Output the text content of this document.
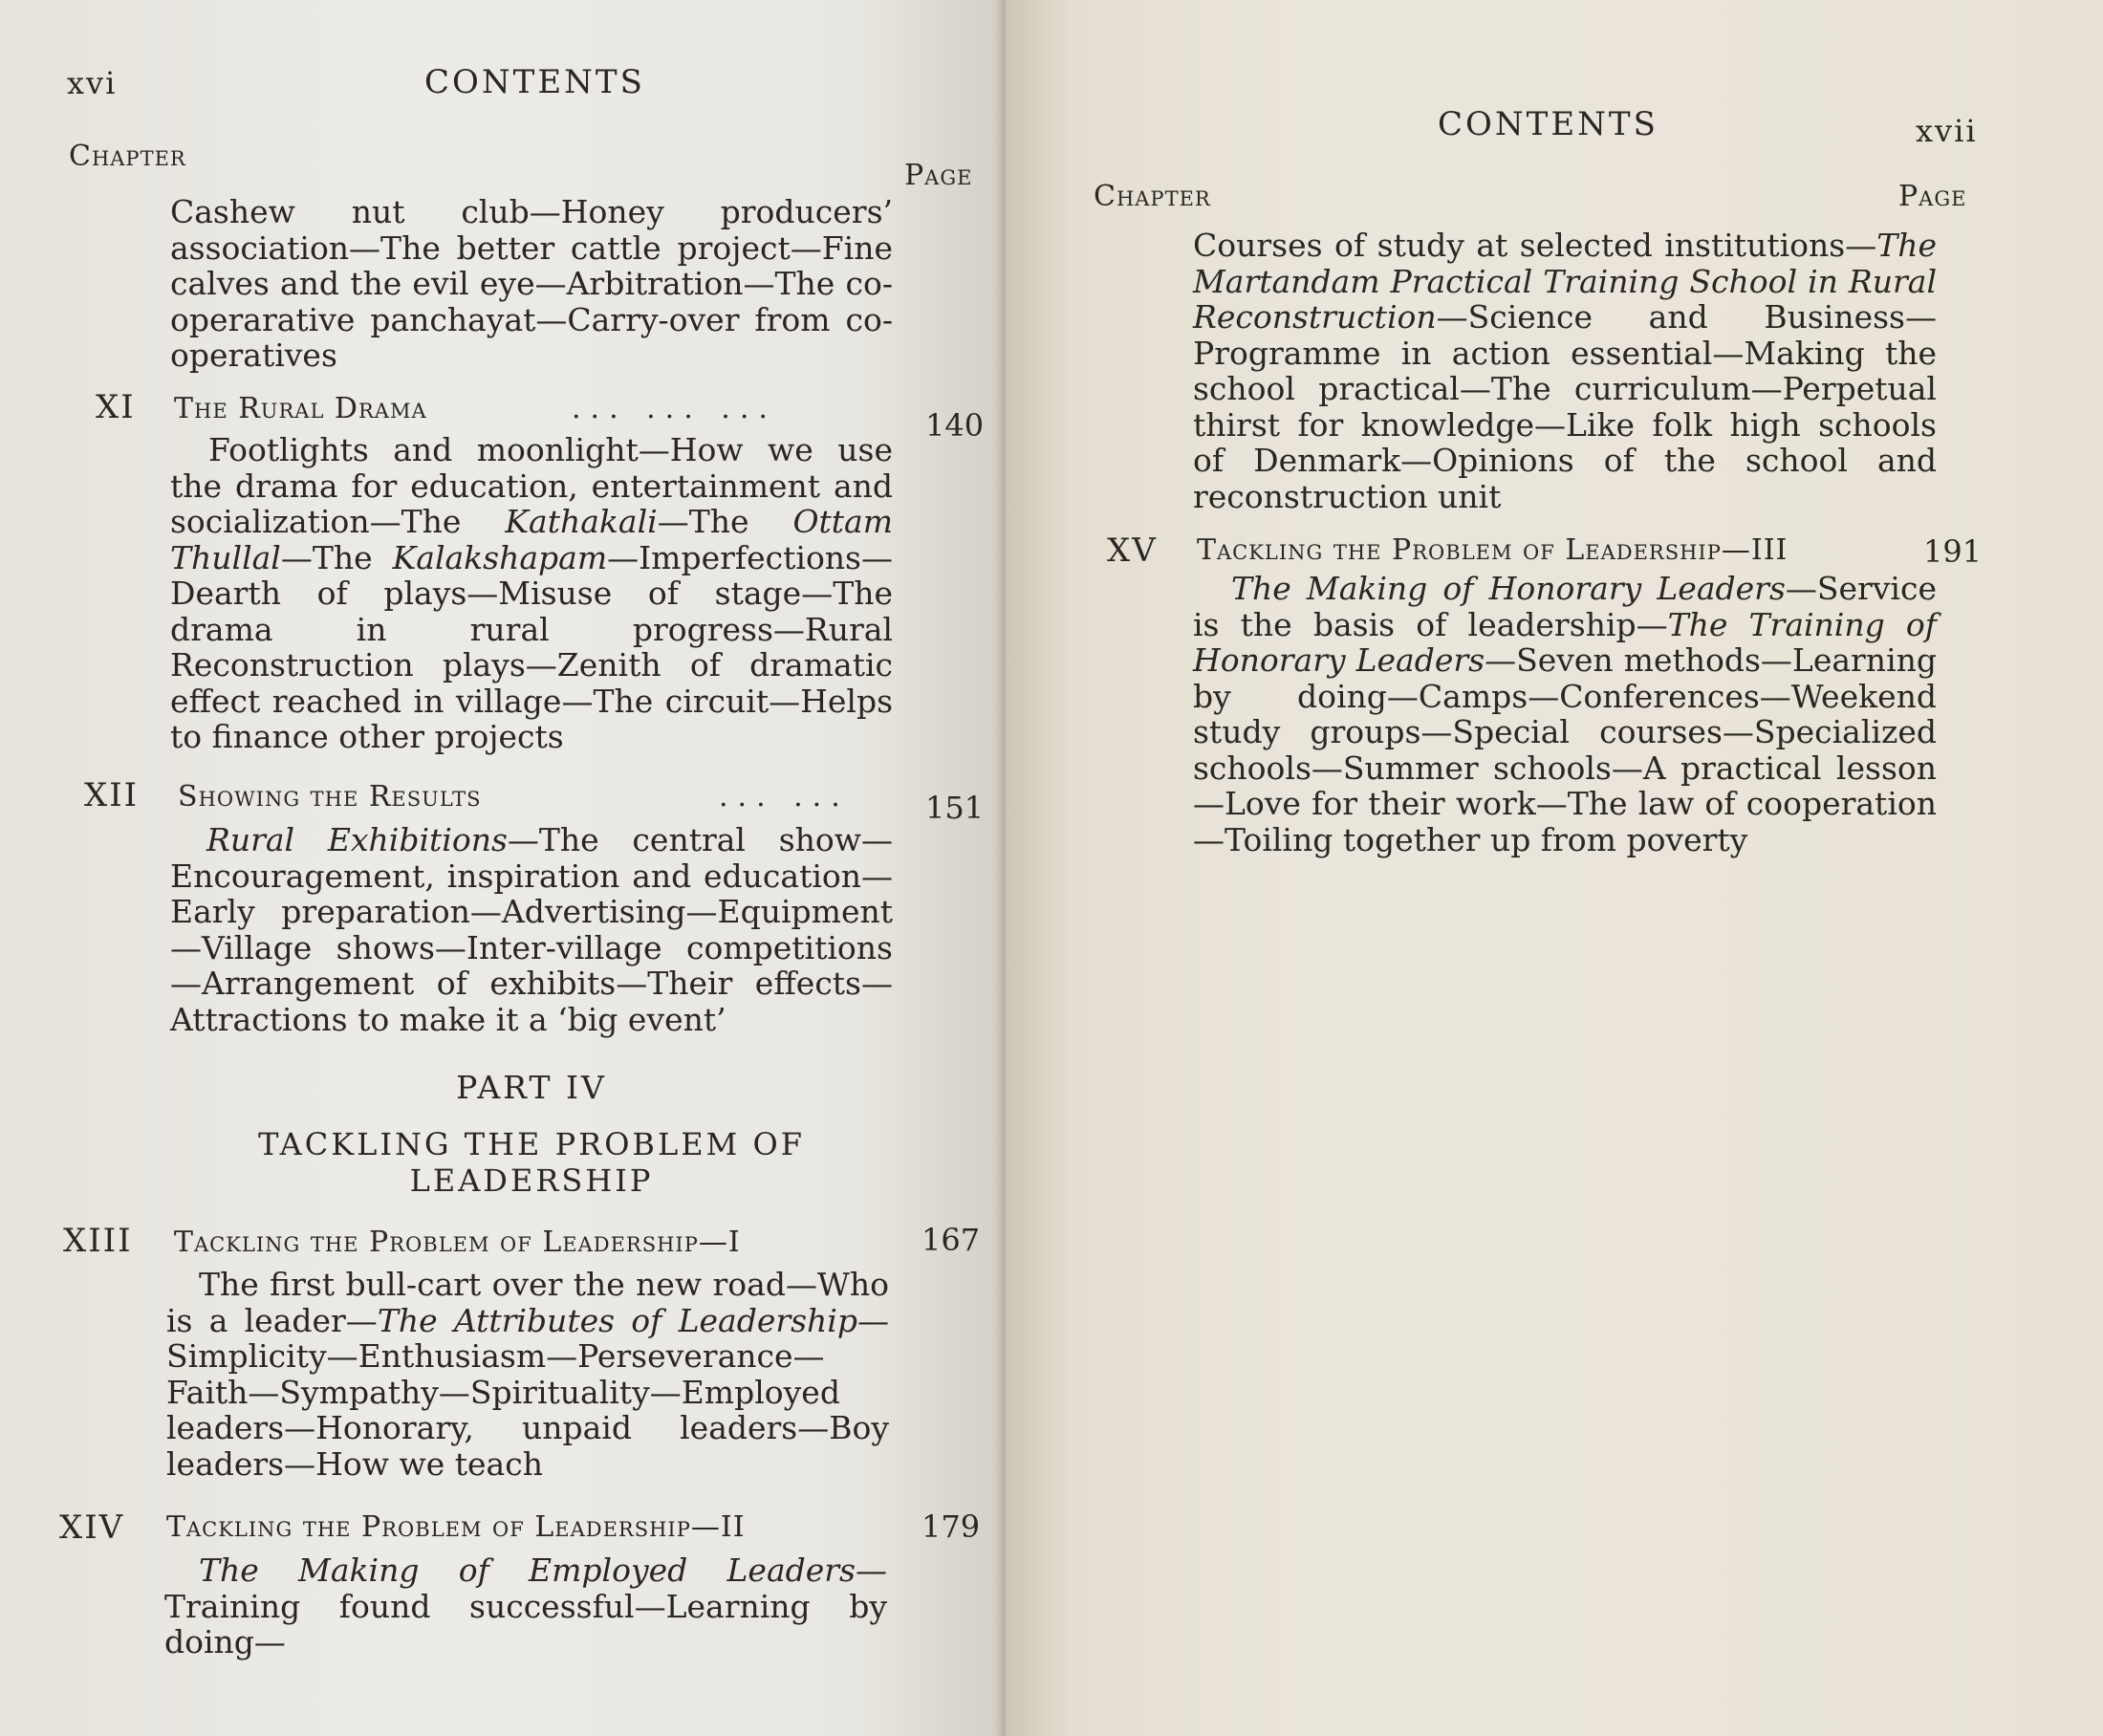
xvi	CONTENTS
Chapter
Page
Cashew nut club—Honey producers’ association—The better cattle project—Fine calves and the evil eye—Arbitration—The co-operarative panchayat—Carry-over from co-operatives
XI The Rural Drama	... ... ...	140
Footlights and moonlight—How we use the drama for education, entertainment and socialization—The Kathakali—The Ottam Thullal—The Kalakshapam—Imperfections—Dearth of plays—Misuse of stage—The drama in rural progress—Rural Reconstruction plays—Zenith of dramatic effect reached in village—The circuit—Helps to finance other projects
XII Showing the Results	... ... 151
Rural Exhibitions—The central show—Encouragement, inspiration and education—Early preparation—Advertising—Equipment—Village shows—Inter-village competitions—Arrangement of exhibits—Their effects—Attractions to make it a ‘big event’
PART IV
TACKLING THE PROBLEM OF
LEADERSHIP
XIII Tackling the Problem of Leadership—I	167
The first bull-cart over the new road—Who is a leader—The Attributes of Leadership—Simplicity—Enthusiasm—Perseverance—Faith—Sympathy—Spirituality—Employed leaders—Honorary, unpaid leaders—Boy leaders—How we teach
XIV Tackling the Problem of Leadership—II	179
The Making of Employed Leaders—Training found successful—Learning by doing—
CONTENTS	xvii
Chapter	Page
Courses of study at selected institutions—The Martandam Practical Training School in Rural Reconstruction—Science and Business—Programme in action essential—Making the school practical—The curriculum—Perpetual thirst for knowledge—Like folk high schools of Denmark—Opinions of the school and reconstruction unit
XV Tackling the Problem of Leadership—III	191
The Making of Honorary Leaders—Service is the basis of leadership—The Training of Honorary Leaders—Seven methods—Learning by doing—Camps—Conferences—Weekend study groups—Special courses—Specialized schools—Summer schools—A practical lesson—Love for their work—The law of cooperation—Toiling together up from poverty
